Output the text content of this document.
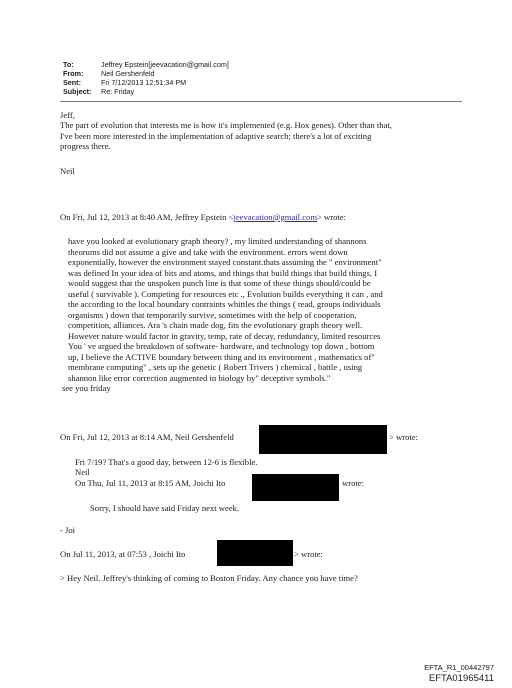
To:	Jeffrey Epstein[jeevacation@gmail.com]
From:	Neil Gershenfeld
Sent:	Fri 7/12/2013 12:51:34 PM
Subject:	Re: Friday
Jeff,
The part of evolution that interests me is how it's implemented (e.g. Hox genes). Other than that,
I've been more interested in the implementation of adaptive search; there's a lot of exciting
progress there.
Neil
On Fri, Jul 12, 2013 at 8:40 AM, Jeffrey Epstein <jeevacation@gmail.com> wrote:
have you looked at evolutionary graph theory? , my limited understanding of shannons
theorums did not assume a give and take with the environment. errors went down
exponentially, however the environment stayed constant.thats assuming the " environment"
was defined In your idea of bits and atoms, and things that build things that build things, I
would suggest that the unspoken punch line is that some of these things should/could be
useful ( survivable ). Competing for resources etc ., Evolution builds everything it can , and
the according to the local boundary contraints whittles the things ( read, groups individuals
organisms ) down that temporarily survive, sometimes with the help of cooperation,
competition, alliances. Ara 's chain made dog, fits the evolutionary graph theory well.
However nature would factor in gravity, temp, rate of decay, redundancy, limited resources
You ' ve argued the breakdown of software- hardware, and technology top down , bottom
up, I believe the ACTIVE boundary between thing and its environment , mathematics of"
membrane computing" , sets up the genetic ( Robert Trivers ) chemical , battle , using
shannon like error correction augmented in biology by" deceptive symbols."
see you friday
On Fri, Jul 12, 2013 at 8:14 AM, Neil Gershenfeld	> wrote:
Fri 7/19? That's a good day, between 12-6 is flexible.
Neil
On Thu, Jul 11, 2013 at 8:15 AM, Joichi Ito	wrote:
Sorry, I should have said Friday next week.
- Joi
On Jul 11, 2013, at 07:53 , Joichi Ito	> wrote:
> Hey Neil. Jeffrey's thinking of coming to Boston Friday. Any chance you have time?
EFTA_R1_00442797
EFTA01965411
